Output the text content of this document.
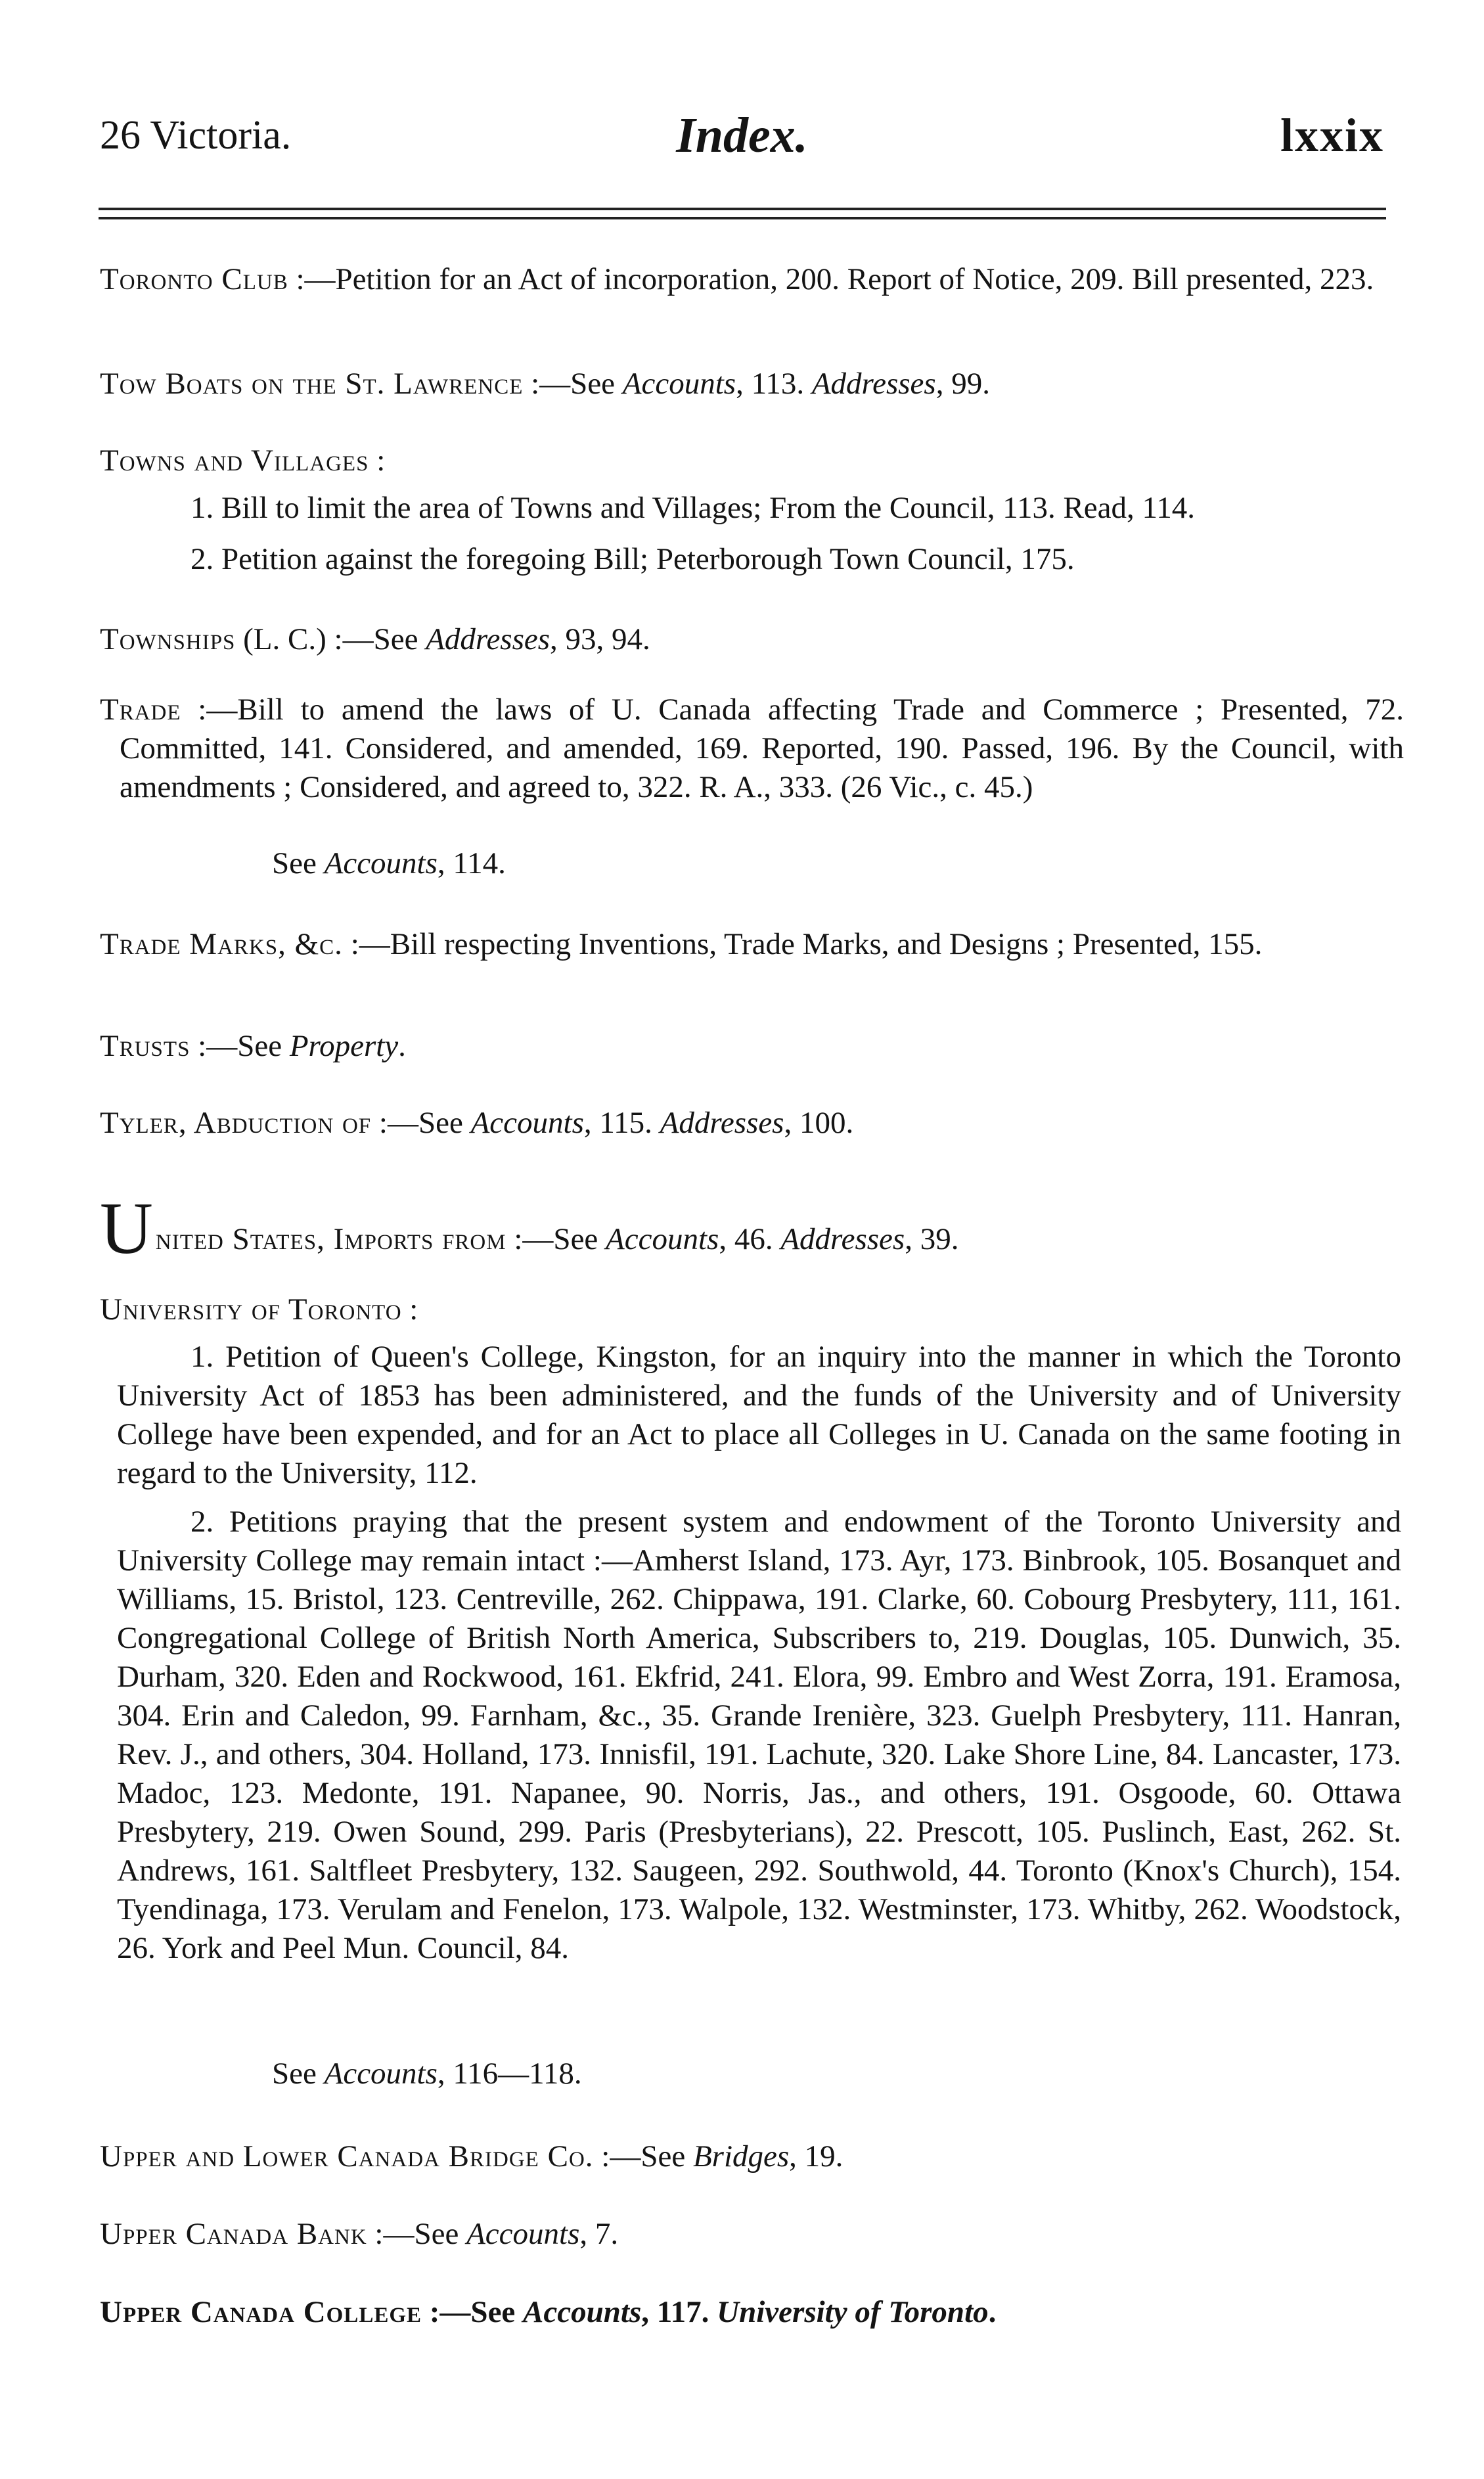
26 Victoria.	Index.	lxxix
Toronto Club :—Petition for an Act of incorporation, 200. Report of Notice, 209. Bill presented, 223.
Tow Boats on the St. Lawrence :—See Accounts, 113. Addresses, 99.

Towns and Villages :

1. Bill to limit the area of Towns and Villages; From the Council, 113. Read, 114.
2. Petition against the foregoing Bill; Peterborough Town Council, 175.
Townships (L. C.) :—See Addresses, 93, 94.
Trade :—Bill to amend the laws of U. Canada affecting Trade and Commerce ; Presented, 72. Committed, 141. Considered, and amended, 169. Reported, 190. Passed, 196. By the Council, with amendments ; Considered, and agreed to, 322. R. A., 333. (26 Vic., c. 45.)
See Accounts, 114.
Trade Marks, &c. :—Bill respecting Inventions, Trade Marks, and Designs ; Presented, 155.
Trusts :—See Property.
Tyler, Abduction of :—See Accounts, 115. Addresses, 100.
United States, Imports from :—See Accounts, 46. Addresses, 39.
University of Toronto :
1. Petition of Queen's College, Kingston, for an inquiry into the manner in which the Toronto University Act of 1853 has been administered, and the funds of the University and of University College have been expended, and for an Act to place all Colleges in U. Canada on the same footing in regard to the University, 112.
2. Petitions praying that the present system and endowment of the Toronto University and University College may remain intact :—Amherst Island, 173. Ayr, 173. Binbrook, 105. Bosanquet and Williams, 15. Bristol, 123. Centreville, 262. Chippawa, 191. Clarke, 60. Cobourg Presbytery, 111, 161. Congregational College of British North America, Subscribers to, 219. Douglas, 105. Dunwich, 35. Durham, 320. Eden and Rockwood, 161. Ekfrid, 241. Elora, 99. Embro and West Zorra, 191. Eramosa, 304. Erin and Caledon, 99. Farnham, &c., 35. Grande Irenière, 323. Guelph Presbytery, 111. Hanran, Rev. J., and others, 304. Holland, 173. Innisfil, 191. Lachute, 320. Lake Shore Line, 84. Lancaster, 173. Madoc, 123. Medonte, 191. Napanee, 90. Norris, Jas., and others, 191. Osgoode, 60. Ottawa Presbytery, 219. Owen Sound, 299. Paris (Presbyterians), 22. Prescott, 105. Puslinch, East, 262. St. Andrews, 161. Saltfleet Presbytery, 132. Saugeen, 292. Southwold, 44. Toronto (Knox's Church), 154. Tyendinaga, 173. Verulam and Fenelon, 173. Walpole, 132. Westminster, 173. Whitby, 262. Woodstock, 26. York and Peel Mun. Council, 84.
See Accounts, 116—118.
Upper and Lower Canada Bridge Co. :—See Bridges, 19.
Upper Canada Bank :—See Accounts, 7.
Upper Canada College :—See Accounts, 117. University of Toronto.
